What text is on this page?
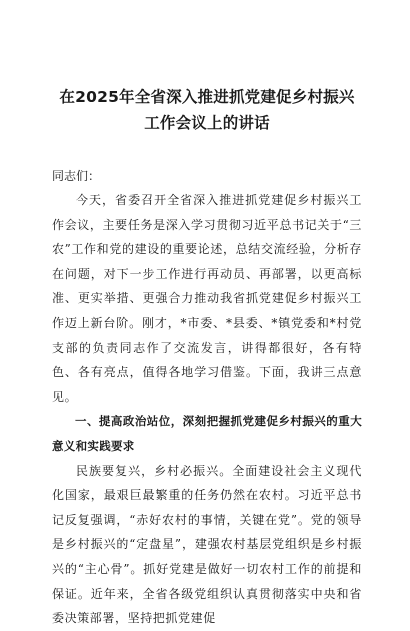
在2025年全省深入推进抓党建促乡村振兴工作会议上的讲话
同志们：

今天，省委召开全省深入推进抓党建促乡村振兴工作会议，主要任务是深入学习贯彻习近平总书记关于“三农”工作和党的建设的重要论述，总结交流经验，分析存在问题，对下一步工作进行再动员、再部署，以更高标准、更实举措、更强合力推动我省抓党建促乡村振兴工作迈上新台阶。刚才，*市委、*县委、*镇党委和*村党支部的负责同志作了交流发言，讲得都很好，各有特色、各有亮点，值得各地学习借鉴。下面，我讲三点意见。

一、提高政治站位，深刻把握抓党建促乡村振兴的重大意义和实践要求

民族要复兴，乡村必振兴。全面建设社会主义现代化国家，最艰巨最繁重的任务仍然在农村。习近平总书记反复强调，“赤好农村的事情，关键在党”。党的领导是乡村振兴的“定盘星”，建强农村基层党组织是乡村振兴的“主心骨”。抓好党建是做好一切农村工作的前提和保证。近年来，全省各级党组织认真贯彻落实中央和省委决策部署，坚持把抓党建促
